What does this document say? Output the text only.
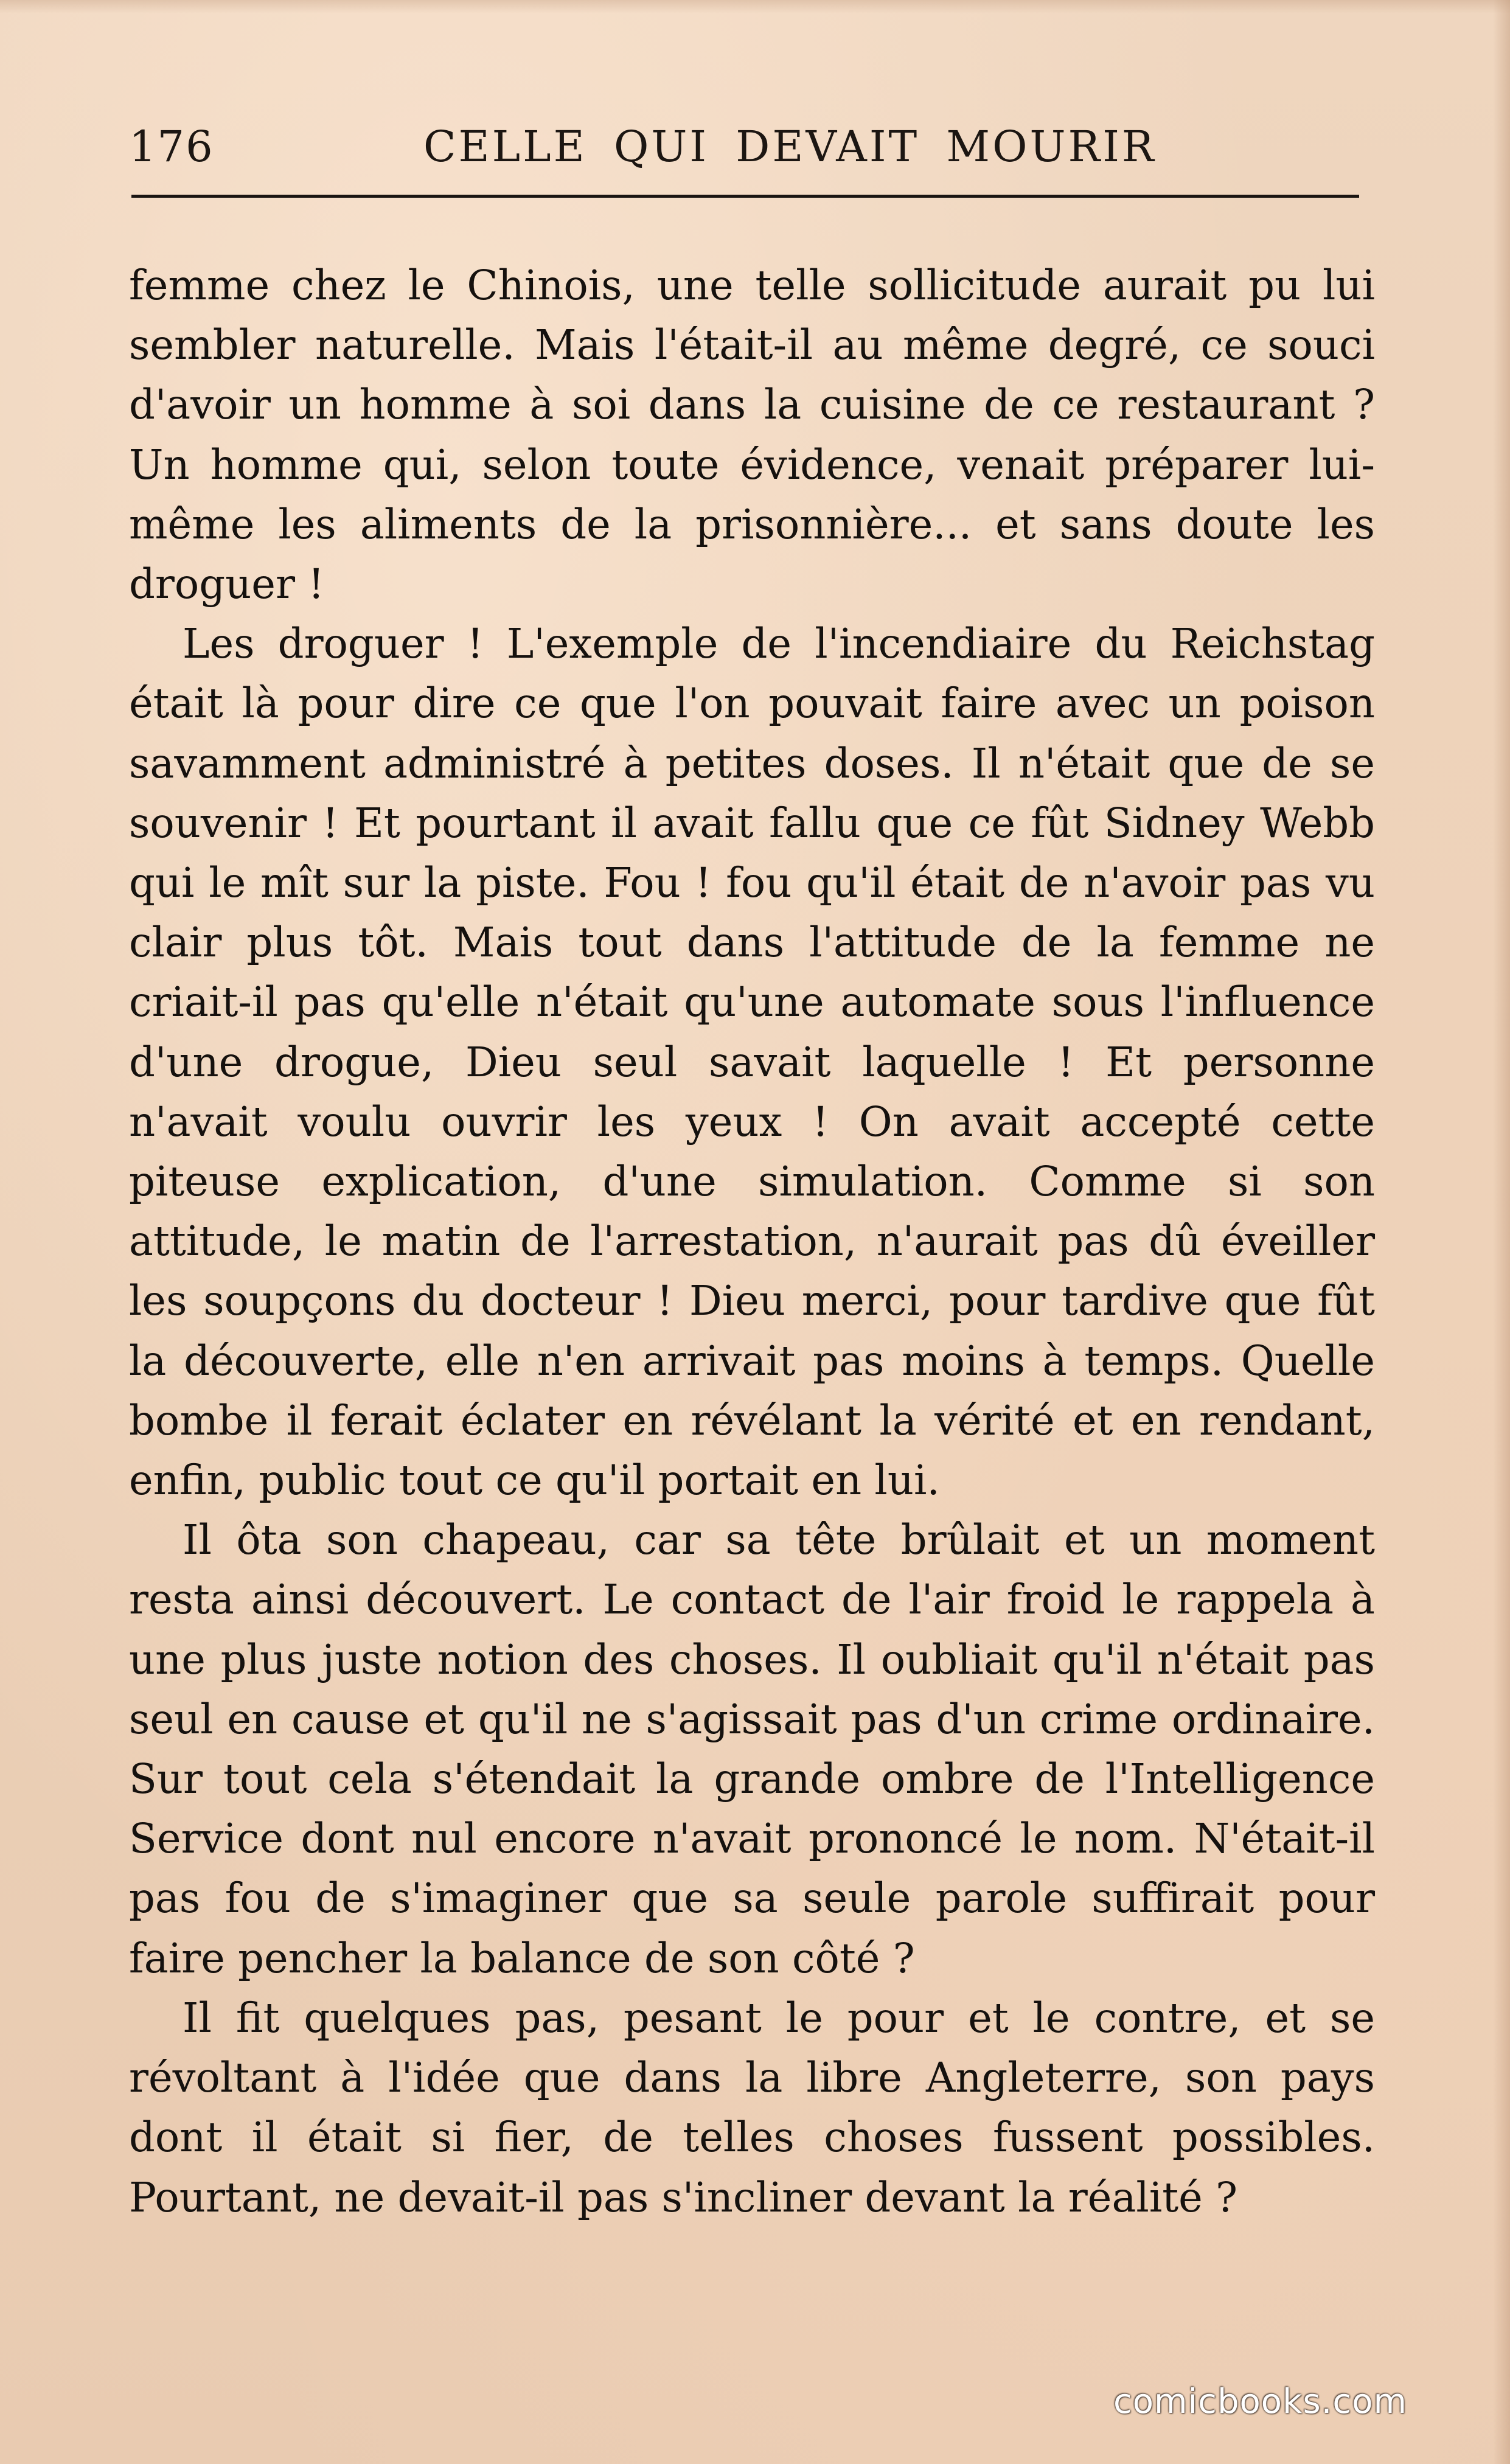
176	CELLE QUI DEVAIT MOURIR

femme chez le Chinois, une telle sollicitude aurait pu lui sembler naturelle. Mais l'était-il au même degré, ce souci d'avoir un homme à soi dans la cuisine de ce restaurant ? Un homme qui, selon toute évidence, venait préparer lui-même les aliments de la prisonnière... et sans doute les droguer !

Les droguer ! L'exemple de l'incendiaire du Reichstag était là pour dire ce que l'on pouvait faire avec un poison savamment administré à petites doses. Il n'était que de se souvenir ! Et pourtant il avait fallu que ce fût Sidney Webb qui le mît sur la piste. Fou ! fou qu'il était de n'avoir pas vu clair plus tôt. Mais tout dans l'attitude de la femme ne criait-il pas qu'elle n'était qu'une automate sous l'influence d'une drogue, Dieu seul savait laquelle ! Et personne n'avait voulu ouvrir les yeux ! On avait accepté cette piteuse explication, d'une simulation. Comme si son attitude, le matin de l'arrestation, n'aurait pas dû éveiller les soupçons du docteur ! Dieu merci, pour tardive que fût la découverte, elle n'en arrivait pas moins à temps. Quelle bombe il ferait éclater en révélant la vérité et en rendant, enfin, public tout ce qu'il portait en lui.

Il ôta son chapeau, car sa tête brûlait et un moment resta ainsi découvert. Le contact de l'air froid le rappela à une plus juste notion des choses. Il oubliait qu'il n'était pas seul en cause et qu'il ne s'agissait pas d'un crime ordinaire. Sur tout cela s'étendait la grande ombre de l'Intelligence Service dont nul encore n'avait prononcé le nom. N'était-il pas fou de s'imaginer que sa seule parole suffirait pour faire pencher la balance de son côté ?

Il fit quelques pas, pesant le pour et le contre, et se révoltant à l'idée que dans la libre Angleterre, son pays dont il était si fier, de telles choses fussent possibles. Pourtant, ne devait-il pas s'incliner devant la réalité ?

comicbooks.com
